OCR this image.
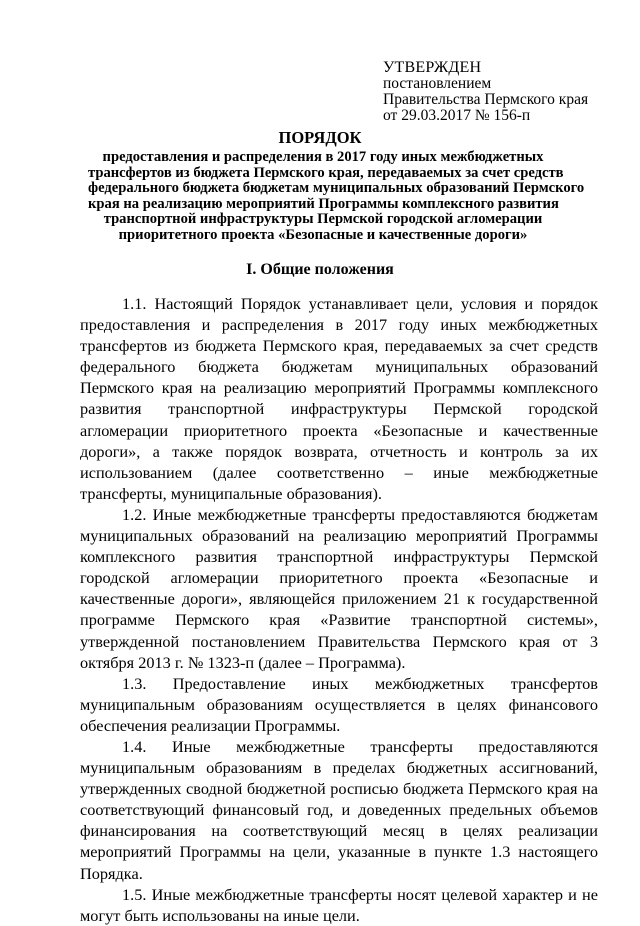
УТВЕРЖДЕН
постановлением
Правительства Пермского края
от 29.03.2017 № 156-п
ПОРЯДОК
предоставления и распределения в 2017 году иных межбюджетных
трансфертов из бюджета Пермского края, передаваемых за счет средств
федерального бюджета бюджетам муниципальных образований Пермского
края на реализацию мероприятий Программы комплексного развития
транспортной инфраструктуры Пермской городской агломерации
приоритетного проекта «Безопасные и качественные дороги»
I. Общие положения

1.1. Настоящий Порядок устанавливает цели, условия и порядок предоставления и распределения в 2017 году иных межбюджетных трансфертов из бюджета Пермского края, передаваемых за счет средств федерального бюджета бюджетам муниципальных образований Пермского края на реализацию мероприятий Программы комплексного развития транспортной инфраструктуры Пермской городской агломерации приоритетного проекта «Безопасные и качественные дороги», а также порядок возврата, отчетность и контроль за их использованием (далее соответственно – иные межбюджетные трансферты, муниципальные образования).

1.2. Иные межбюджетные трансферты предоставляются бюджетам муниципальных образований на реализацию мероприятий Программы комплексного развития транспортной инфраструктуры Пермской городской агломерации приоритетного проекта «Безопасные и качественные дороги», являющейся приложением 21 к государственной программе Пермского края «Развитие транспортной системы», утвержденной постановлением Правительства Пермского края от 3 октября 2013 г. № 1323-п (далее – Программа).

1.3. Предоставление иных межбюджетных трансфертов муниципальным образованиям осуществляется в целях финансового обеспечения реализации Программы.

1.4. Иные межбюджетные трансферты предоставляются муниципальным образованиям в пределах бюджетных ассигнований, утвержденных сводной бюджетной росписью бюджета Пермского края на соответствующий финансовый год, и доведенных предельных объемов финансирования на соответствующий месяц в целях реализации мероприятий Программы на цели, указанные в пункте 1.3 настоящего Порядка.

1.5. Иные межбюджетные трансферты носят целевой характер и не могут быть использованы на иные цели.
